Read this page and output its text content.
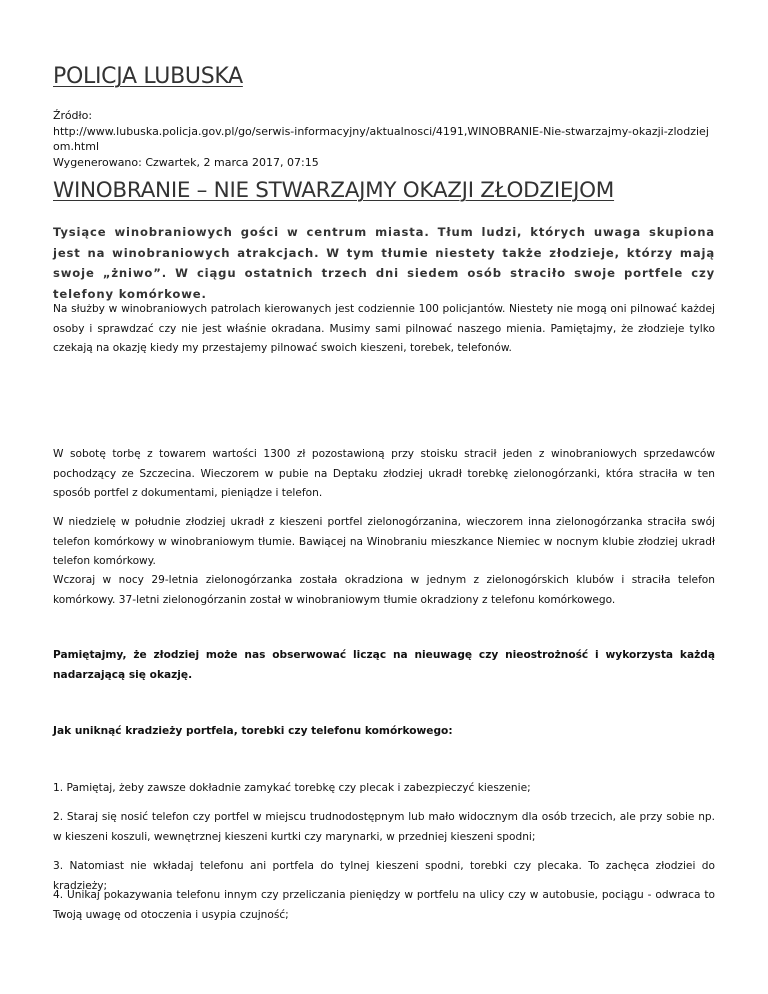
POLICJA LUBUSKA
Źródło:
http://www.lubuska.policja.gov.pl/go/serwis-informacyjny/aktualnosci/4191,WINOBRANIE-Nie-stwarzajmy-okazji-zlodziejom.html
Wygenerowano: Czwartek, 2 marca 2017, 07:15
WINOBRANIE – NIE STWARZAJMY OKAZJI ZŁODZIEJOM

Tysiące winobraniowych gości w centrum miasta. Tłum ludzi, których uwaga skupiona jest na winobraniowych atrakcjach. W tym tłumie niestety także złodzieje, którzy mają swoje „żniwo”. W ciągu ostatnich trzech dni siedem osób straciło swoje portfele czy telefony komórkowe.

Na służby w winobraniowych patrolach kierowanych jest codziennie 100 policjantów. Niestety nie mogą oni pilnować każdej osoby i sprawdzać czy nie jest właśnie okradana. Musimy sami pilnować naszego mienia. Pamiętajmy, że złodzieje tylko czekają na okazję kiedy my przestajemy pilnować swoich kieszeni, torebek, telefonów.

W sobotę torbę z towarem wartości 1300 zł pozostawioną przy stoisku stracił jeden z winobraniowych sprzedawców pochodzący ze Szczecina. Wieczorem w pubie na Deptaku złodziej ukradł torebkę zielonogórzanki, która straciła w ten sposób portfel z dokumentami, pieniądze i telefon.

W niedzielę w południe złodziej ukradł z kieszeni portfel zielonogórzanina, wieczorem inna zielonogórzanka straciła swój telefon komórkowy w winobraniowym tłumie. Bawiącej na Winobraniu mieszkance Niemiec w nocnym klubie złodziej ukradł telefon komórkowy.

Wczoraj w nocy 29-letnia zielonogórzanka została okradziona w jednym z zielonogórskich klubów i straciła telefon komórkowy. 37-letni zielonogórzanin został w winobraniowym tłumie okradziony z telefonu komórkowego.

Pamiętajmy, że złodziej może nas obserwować licząc na nieuwagę czy nieostrożność i wykorzysta każdą nadarzającą się okazję.

Jak uniknąć kradzieży portfela, torebki czy telefonu komórkowego:

1. Pamiętaj, żeby zawsze dokładnie zamykać torebkę czy plecak i zabezpieczyć kieszenie;

2. Staraj się nosić telefon czy portfel w miejscu trudnodostępnym lub mało widocznym dla osób trzecich, ale przy sobie np. w kieszeni koszuli, wewnętrznej kieszeni kurtki czy marynarki, w przedniej kieszeni spodni;

3. Natomiast nie wkładaj telefonu ani portfela do tylnej kieszeni spodni, torebki czy plecaka. To zachęca złodziei do kradzieży;

4. Unikaj pokazywania telefonu innym czy przeliczania pieniędzy w portfelu na ulicy czy w autobusie, pociągu - odwraca to Twoją uwagę od otoczenia i usypia czujność;
